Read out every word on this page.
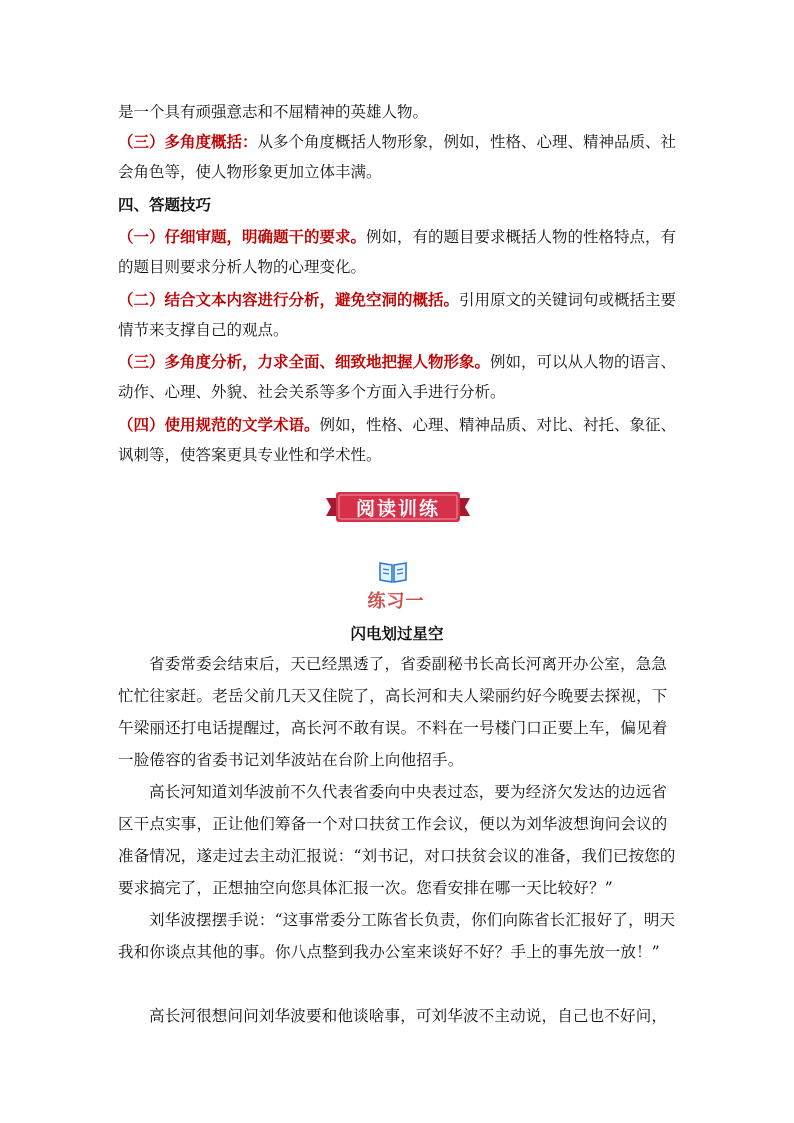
是一个具有顽强意志和不屈精神的英雄人物。

（三）多角度概括：从多个角度概括人物形象，例如，性格、心理、精神品质、社会角色等，使人物形象更加立体丰满。

四、答题技巧

（一）仔细审题，明确题干的要求。例如，有的题目要求概括人物的性格特点，有的题目则要求分析人物的心理变化。

（二）结合文本内容进行分析，避免空洞的概括。引用原文的关键词句或概括主要情节来支撑自己的观点。

（三）多角度分析，力求全面、细致地把握人物形象。例如，可以从人物的语言、动作、心理、外貌、社会关系等多个方面入手进行分析。

（四）使用规范的文学术语。例如，性格、心理、精神品质、对比、衬托、象征、讽刺等，使答案更具专业性和学术性。

阅读训练
练习一
闪电划过星空

省委常委会结束后，天已经黑透了，省委副秘书长高长河离开办公室，急急忙忙往家赶。老岳父前几天又住院了，高长河和夫人梁丽约好今晚要去探视，下午梁丽还打电话提醒过，高长河不敢有误。不料在一号楼门口正要上车，偏见着一脸倦容的省委书记刘华波站在台阶上向他招手。

高长河知道刘华波前不久代表省委向中央表过态，要为经济欠发达的边远省区干点实事，正让他们筹备一个对口扶贫工作会议，便以为刘华波想询问会议的准备情况，遂走过去主动汇报说：“刘书记，对口扶贫会议的准备，我们已按您的要求搞完了，正想抽空向您具体汇报一次。您看安排在哪一天比较好？”

刘华波摆摆手说：“这事常委分工陈省长负责，你们向陈省长汇报好了，明天我和你谈点其他的事。你八点整到我办公室来谈好不好？手上的事先放一放！”

高长河很想问问刘华波要和他谈啥事，可刘华波不主动说，自己也不好问，
